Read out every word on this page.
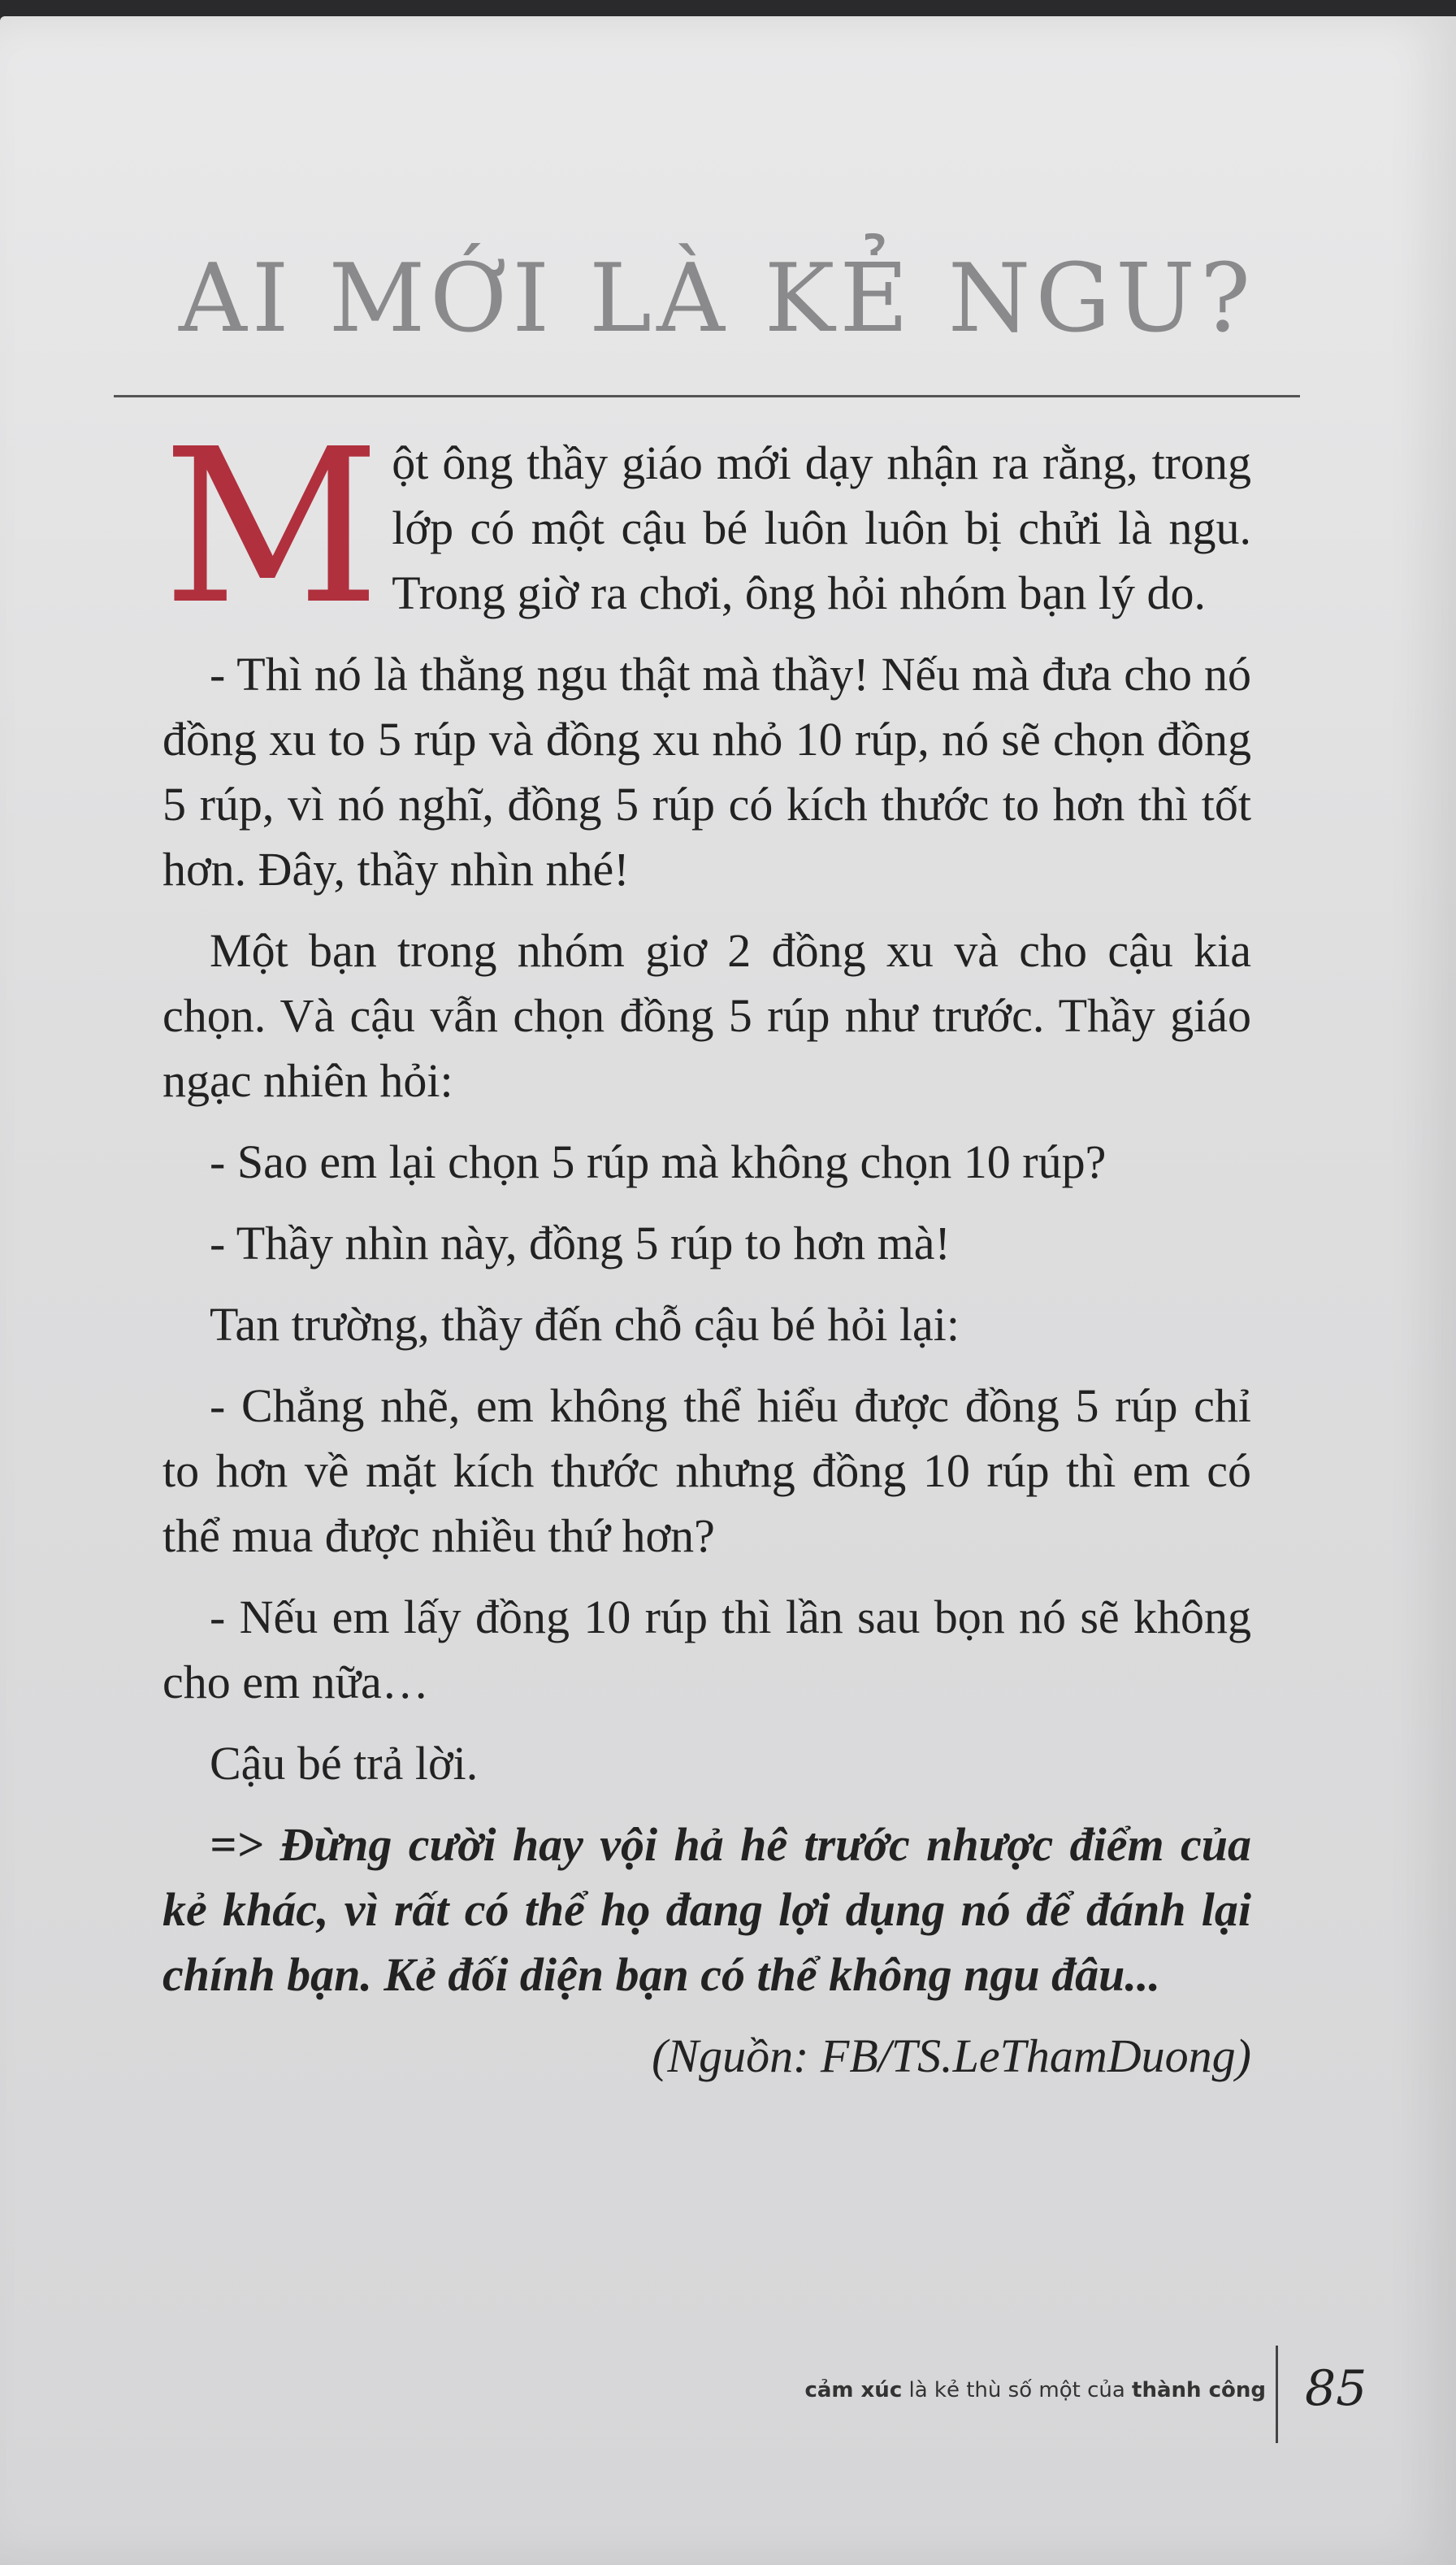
AI MỚI LÀ KẺ NGU?

M ột ông thầy giáo mới dạy nhận ra rằng, trong lớp có một cậu bé luôn luôn bị chửi là ngu. Trong giờ ra chơi, ông hỏi nhóm bạn lý do.

- Thì nó là thằng ngu thật mà thầy! Nếu mà đưa cho nó đồng xu to 5 rúp và đồng xu nhỏ 10 rúp, nó sẽ chọn đồng 5 rúp, vì nó nghĩ, đồng 5 rúp có kích thước to hơn thì tốt hơn. Đây, thầy nhìn nhé!

Một bạn trong nhóm giơ 2 đồng xu và cho cậu kia chọn. Và cậu vẫn chọn đồng 5 rúp như trước. Thầy giáo ngạc nhiên hỏi:

- Sao em lại chọn 5 rúp mà không chọn 10 rúp?

- Thầy nhìn này, đồng 5 rúp to hơn mà!

Tan trường, thầy đến chỗ cậu bé hỏi lại:

- Chẳng nhẽ, em không thể hiểu được đồng 5 rúp chỉ to hơn về mặt kích thước nhưng đồng 10 rúp thì em có thể mua được nhiều thứ hơn?

- Nếu em lấy đồng 10 rúp thì lần sau bọn nó sẽ không cho em nữa…

Cậu bé trả lời.

=> Đừng cười hay vội hả hê trước nhược điểm của kẻ khác, vì rất có thể họ đang lợi dụng nó để đánh lại chính bạn. Kẻ đối diện bạn có thể không ngu đâu...

(Nguồn: FB/TS.LeThamDuong)

cảm xúc là kẻ thù số một của thành công 85
